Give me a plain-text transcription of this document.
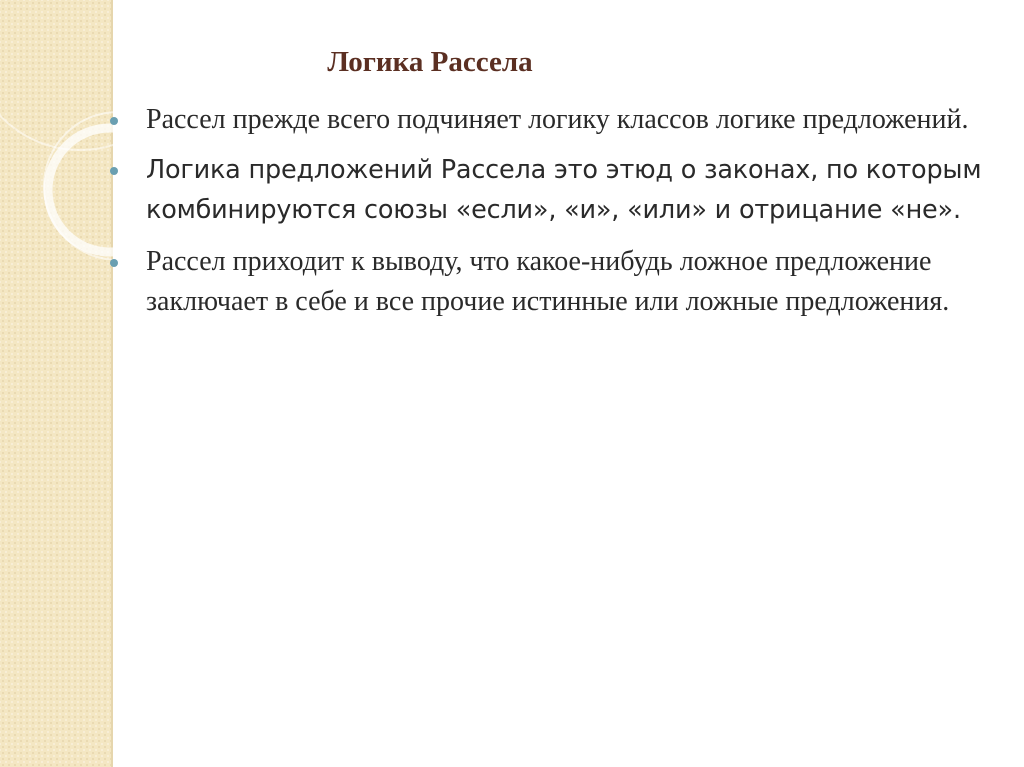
Логика Рассела
Рассел прежде всего подчиняет логику классов логике предложений.
Логика предложений Рассела это этюд о законах, по которым комбинируются союзы «если», «и», «или» и отрицание «не».
Рассел приходит к выводу, что какое-нибудь ложное предложение заключает в себе и все прочие истинные или ложные предложения.
